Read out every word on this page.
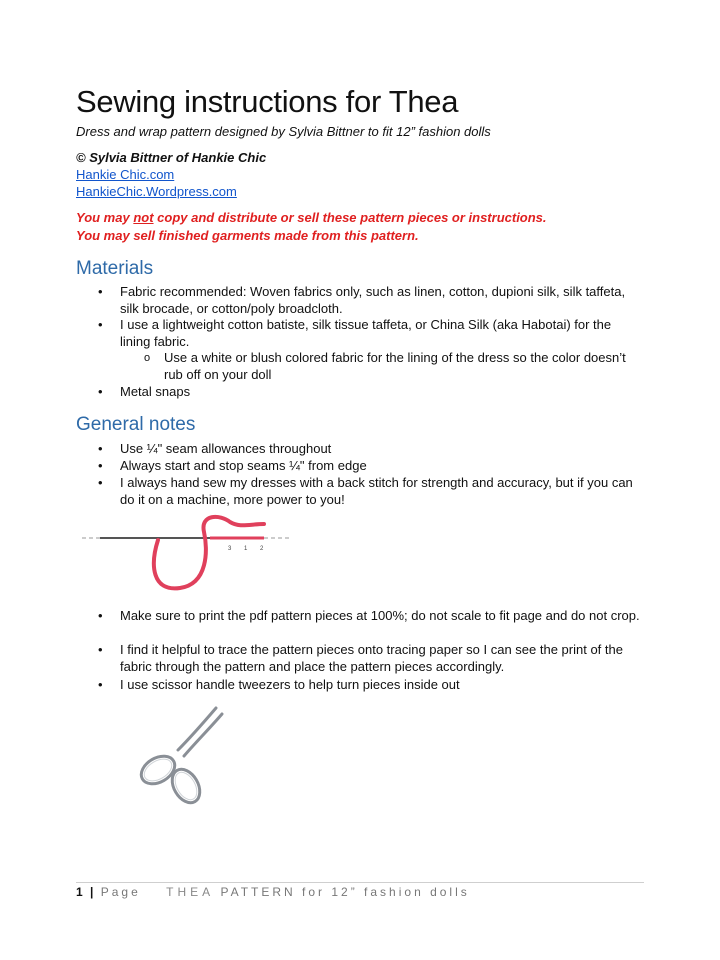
Sewing instructions for Thea
Dress and wrap pattern designed by Sylvia Bittner to fit 12” fashion dolls
© Sylvia Bittner of Hankie Chic
Hankie Chic.com
HankieChic.Wordpress.com
You may not copy and distribute or sell these pattern pieces or instructions.
You may sell finished garments made from this pattern.
Materials
• Fabric recommended: Woven fabrics only, such as linen, cotton, dupioni silk, silk taffeta, silk brocade, or cotton/poly broadcloth.
• I use a lightweight cotton batiste, silk tissue taffeta, or China Silk (aka Habotai) for the lining fabric.
o Use a white or blush colored fabric for the lining of the dress so the color doesn’t rub off on your doll
• Metal snaps
General notes
• Use ¼" seam allowances throughout
• Always start and stop seams ¼" from edge
• I always hand sew my dresses with a back stitch for strength and accuracy, but if you can do it on a machine, more power to you!
3 1 2
• Make sure to print the pdf pattern pieces at 100%; do not scale to fit page and do not crop.
• I find it helpful to trace the pattern pieces onto tracing paper so I can see the print of the fabric through the pattern and place the pattern pieces accordingly.
• I use scissor handle tweezers to help turn pieces inside out
1 | Page THEA PATTERN for 12” fashion dolls
